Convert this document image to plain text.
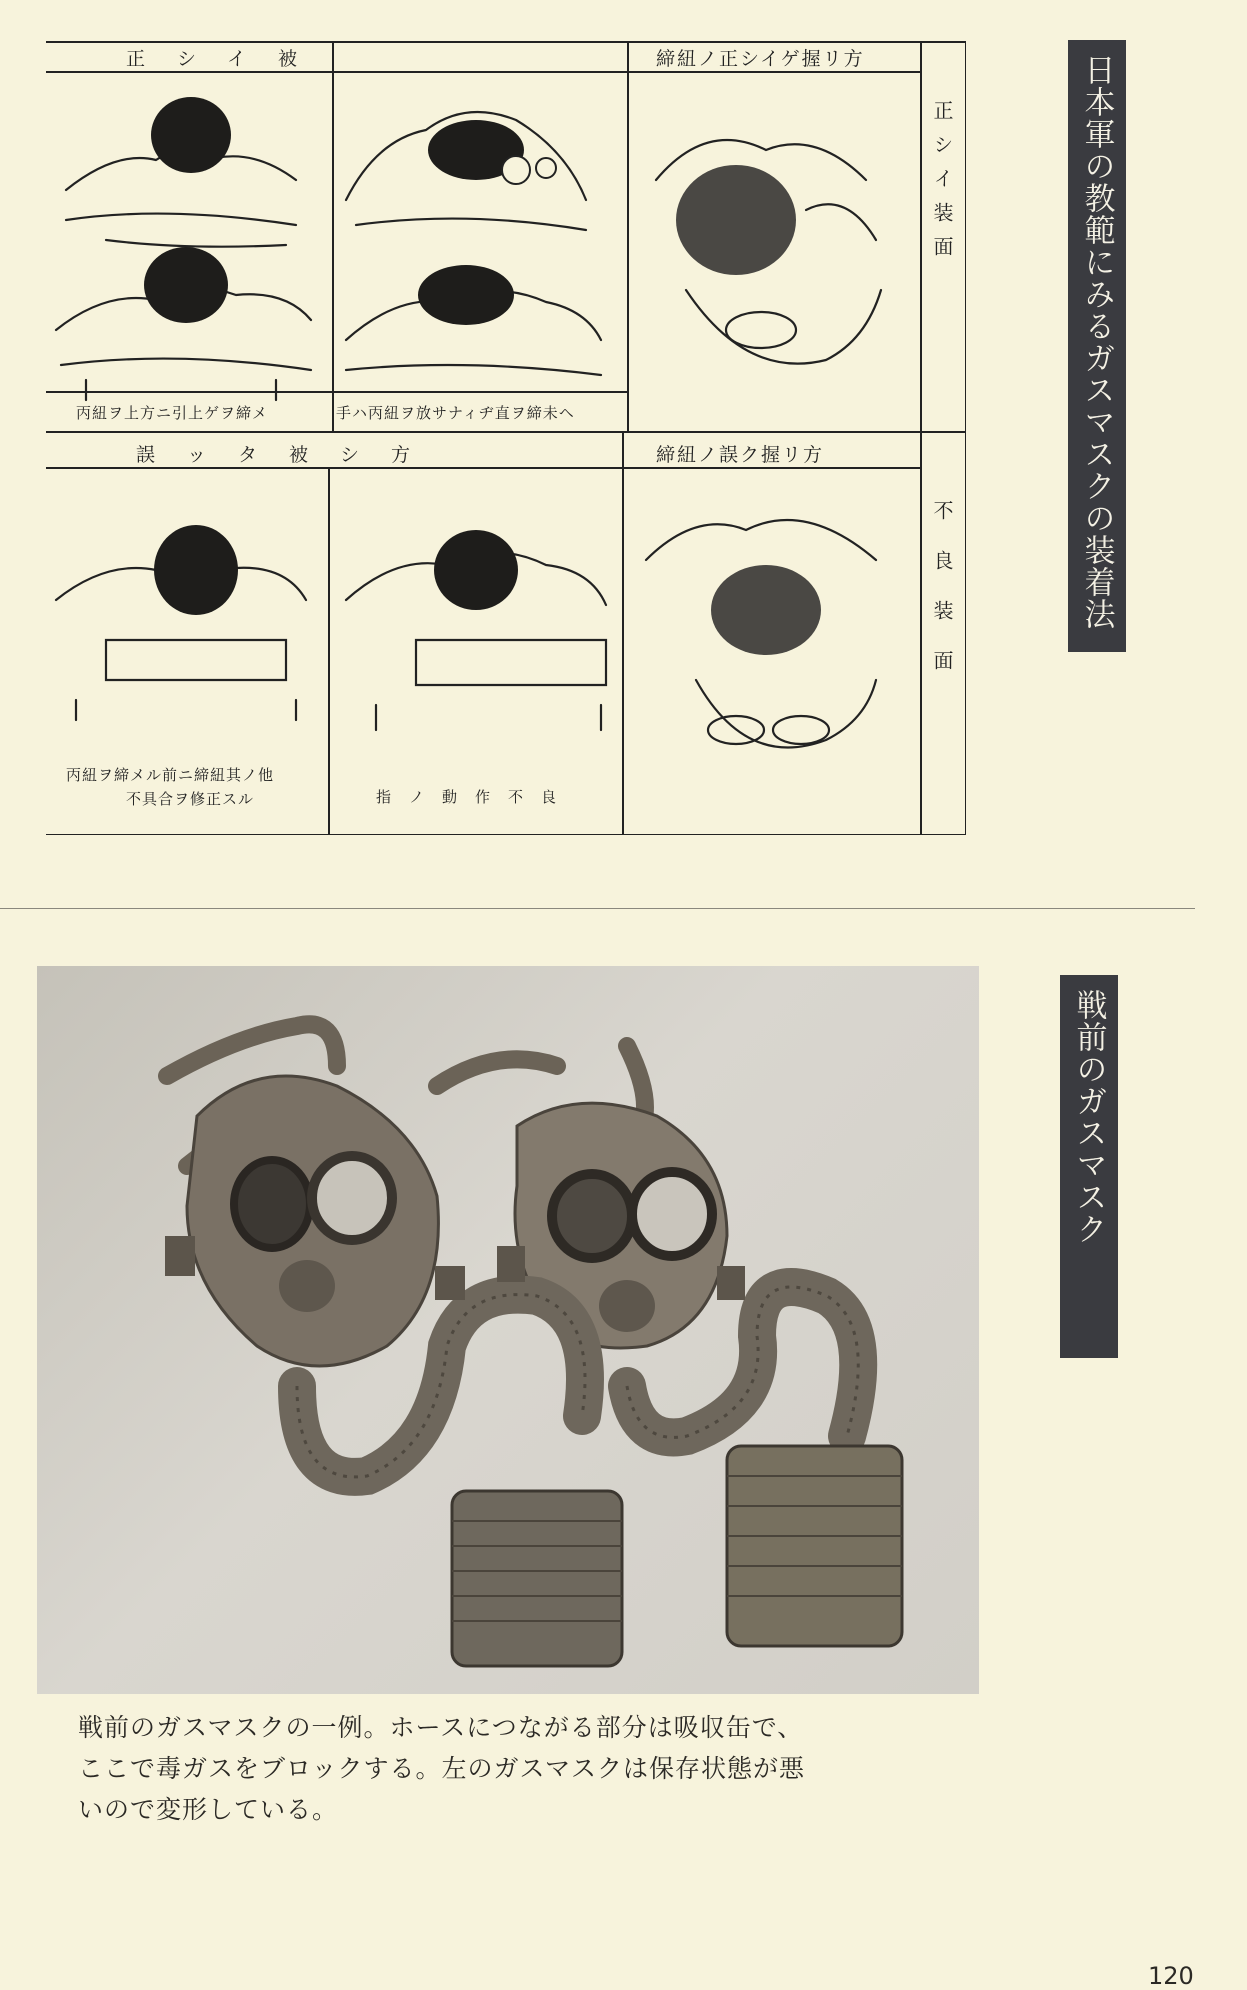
被イシ正	方リ握ゲイシ正ノ紐締
メ締ヲゲ上引ニ方上ヲ紐丙	ヘ未締ヲ直ヂィナサ放ヲ紐丙ハ手
方シ被タッ誤	方リ握ク誤ノ紐締
他ノ其紐締ニ前ルメ締ヲ紐丙
ルス正修ヲ合具不	良不作動ノ指
正シイ装面
不良装面	日本軍の教範にみるガスマスクの装着法
戦前のガスマスク

戦前のガスマスクの一例。ホースにつながる部分は吸収缶で、

ここで毒ガスをブロックする。左のガスマスクは保存状態が悪

いので変形している。

120
